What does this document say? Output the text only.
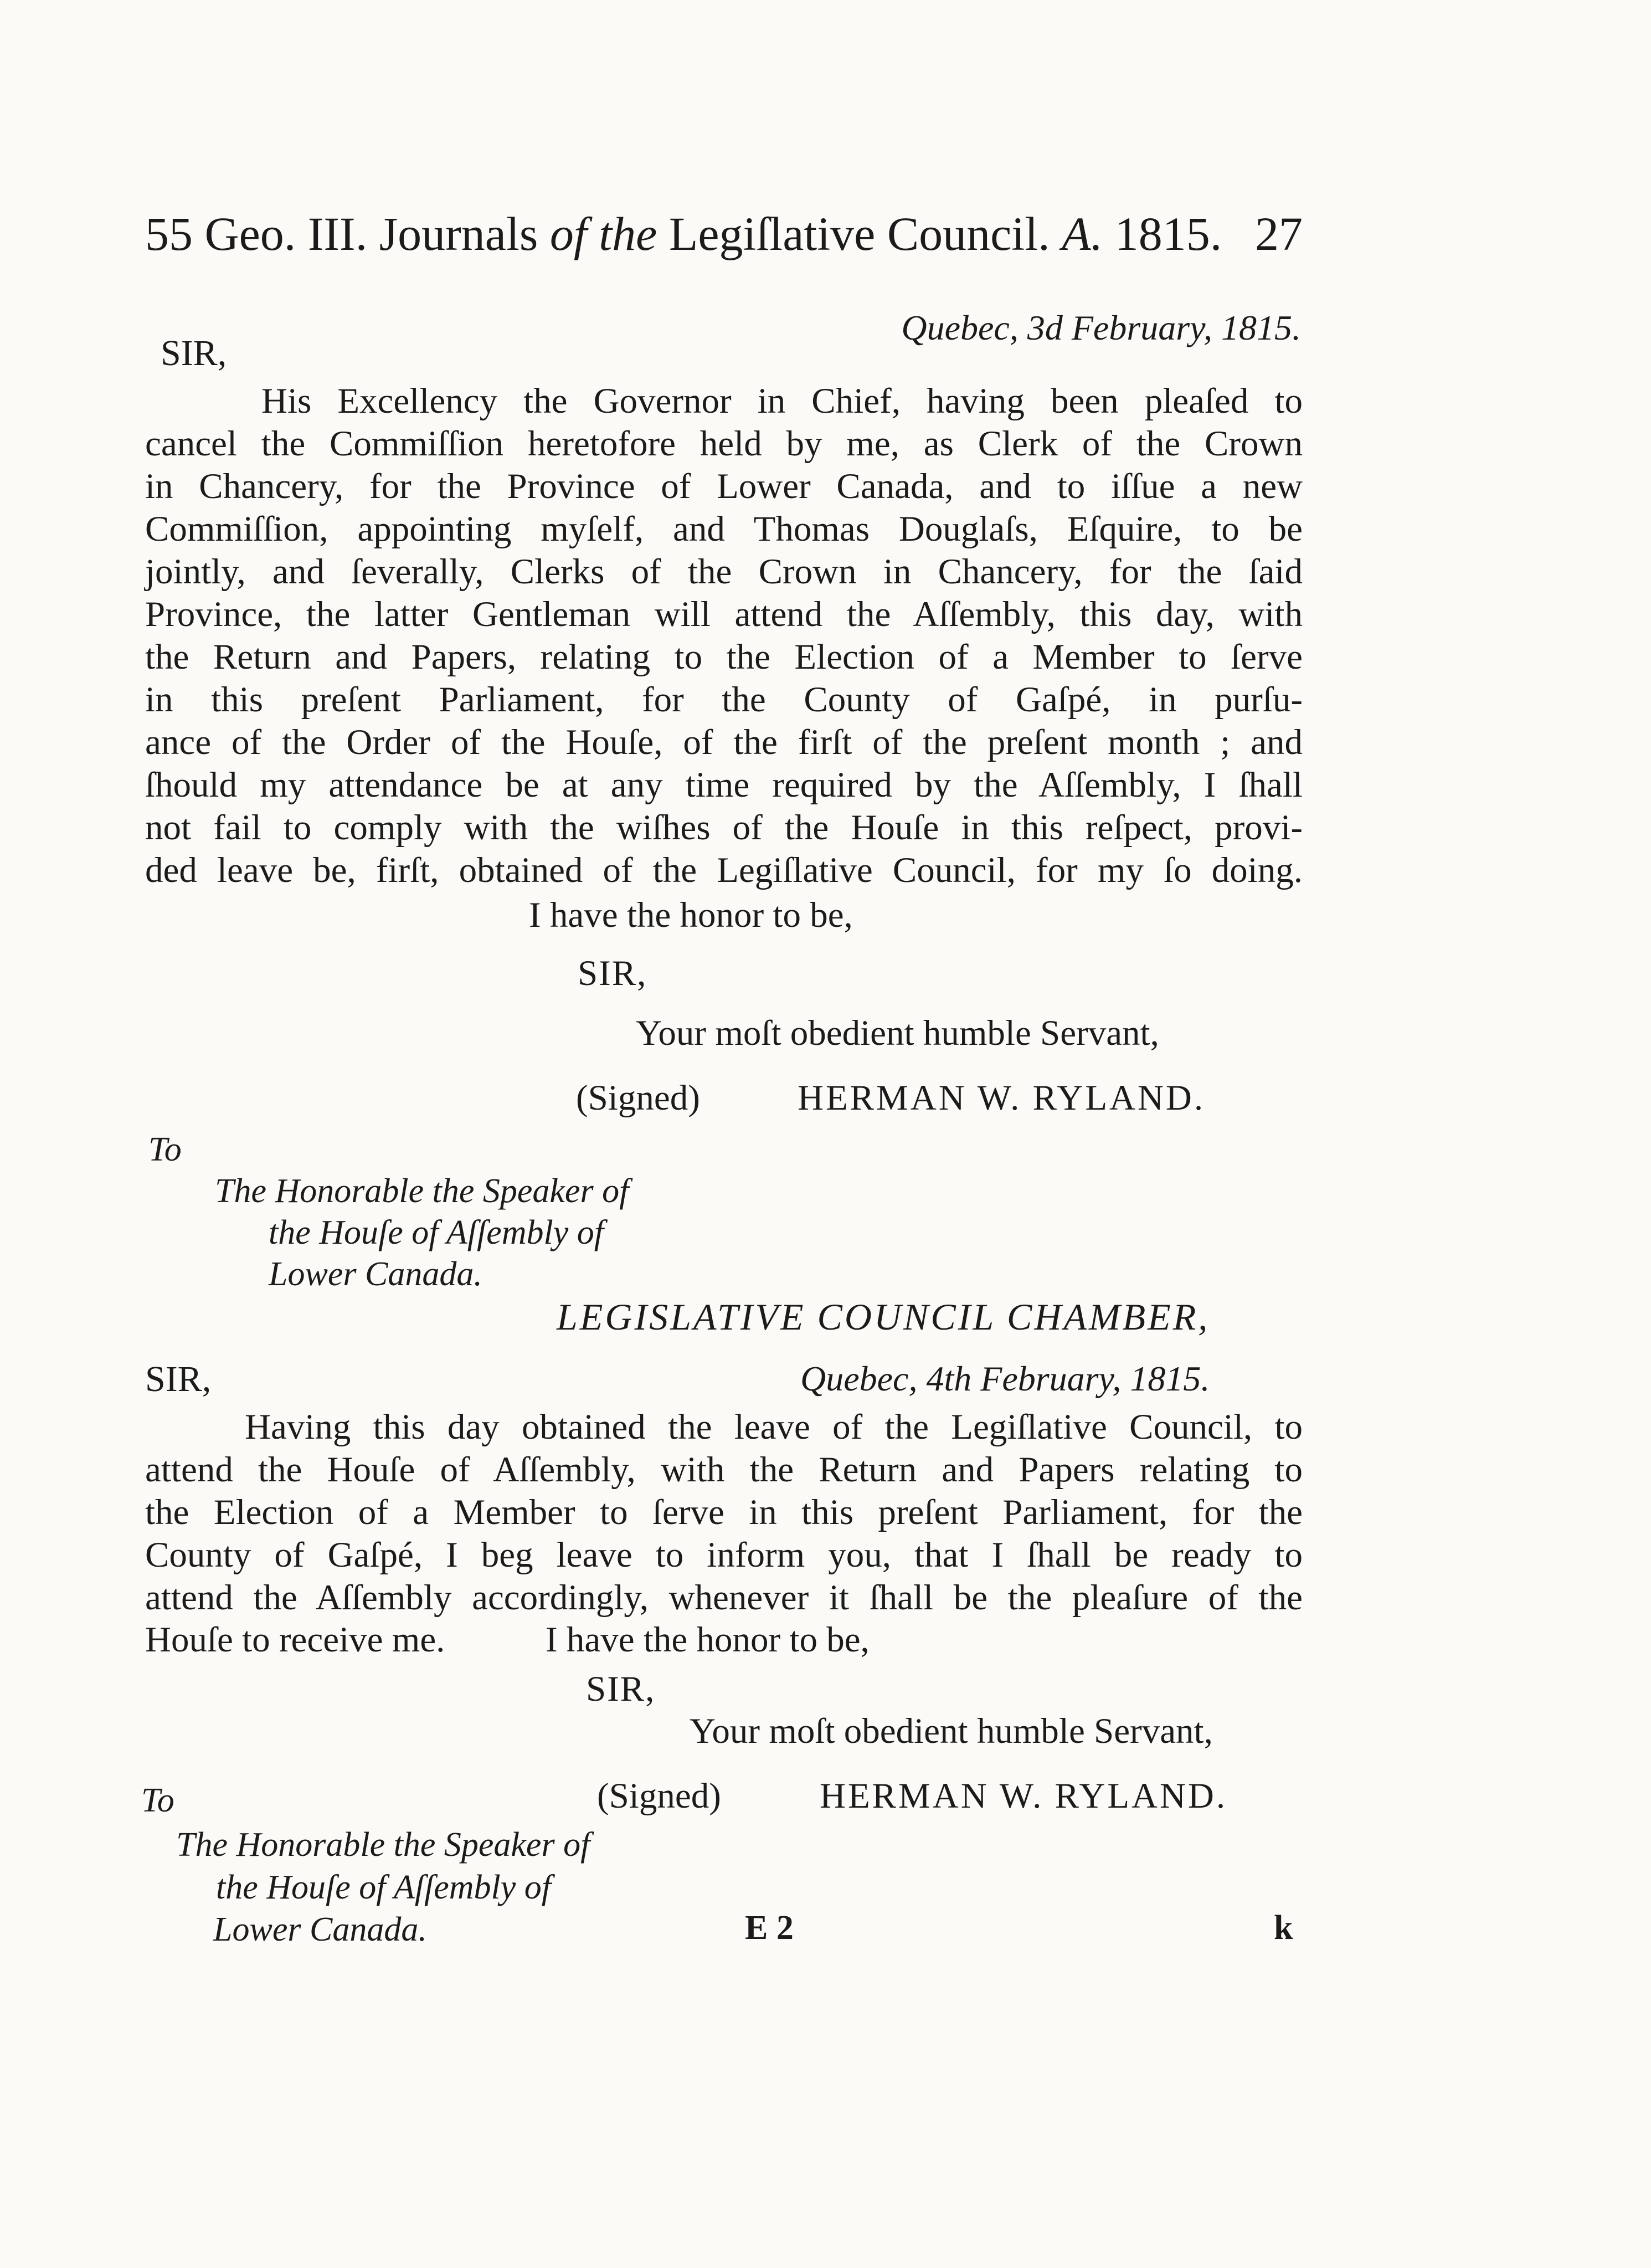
55 Geo. III. Journals of the Legiſlative Council. A. 1815. 27
Quebec, 3d February, 1815.
SIR,
His Excellency the Governor in Chief, having been pleaſed to
cancel the Commiſſion heretofore held by me, as Clerk of the Crown
in Chancery, for the Province of Lower Canada, and to iſſue a new
Commiſſion, appointing myſelf, and Thomas Douglaſs, Eſquire, to be
jointly, and ſeverally, Clerks of the Crown in Chancery, for the ſaid
Province, the latter Gentleman will attend the Aſſembly, this day, with
the Return and Papers, relating to the Election of a Member to ſerve
in this preſent Parliament, for the County of Gaſpé, in purſu-
ance of the Order of the Houſe, of the firſt of the preſent month ; and
ſhould my attendance be at any time required by the Aſſembly, I ſhall
not fail to comply with the wiſhes of the Houſe in this reſpect, provi-
ded leave be, firſt, obtained of the Legiſlative Council, for my ſo doing.
I have the honor to be,
SIR,
Your moſt obedient humble Servant,
(Signed)	HERMAN W. RYLAND.
To
The Honorable the Speaker of
the Houſe of Aſſembly of
Lower Canada.
LEGISLATIVE COUNCIL CHAMBER,
SIR,	Quebec, 4th February, 1815.
Having this day obtained the leave of the Legiſlative Council, to
attend the Houſe of Aſſembly, with the Return and Papers relating to
the Election of a Member to ſerve in this preſent Parliament, for the
County of Gaſpé, I beg leave to inform you, that I ſhall be ready to
attend the Aſſembly accordingly, whenever it ſhall be the pleaſure of the
Houſe to receive me.	I have the honor to be,
SIR,
Your moſt obedient humble Servant,
To	(Signed)	HERMAN W. RYLAND.
The Honorable the Speaker of
the Houſe of Aſſembly of
Lower Canada.	E 2	k
